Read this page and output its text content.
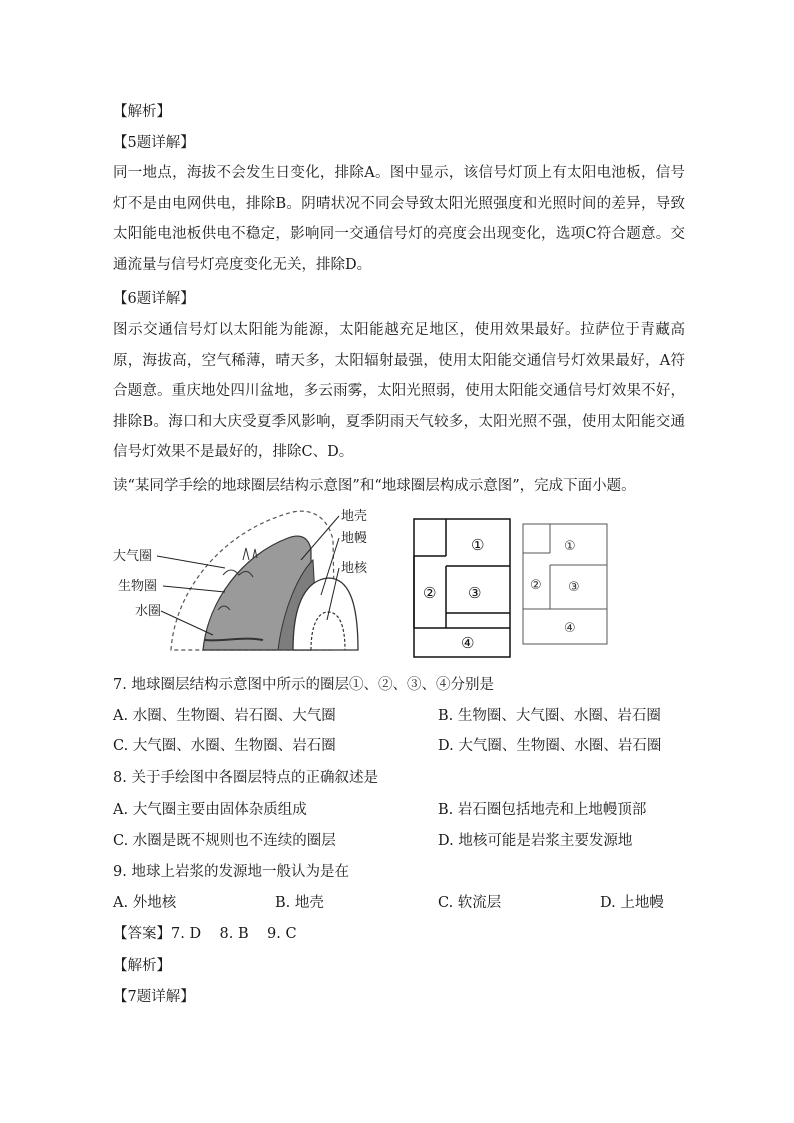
【解析】
【5题详解】
同一地点，海拔不会发生日变化，排除A。图中显示，该信号灯顶上有太阳电池板，信号灯不是由电网供电，排除B。阴晴状况不同会导致太阳光照强度和光照时间的差异，导致太阳能电池板供电不稳定，影响同一交通信号灯的亮度会出现变化，选项C符合题意。交通流量与信号灯亮度变化无关，排除D。
【6题详解】
图示交通信号灯以太阳能为能源，太阳能越充足地区，使用效果最好。拉萨位于青藏高原，海拔高，空气稀薄，晴天多，太阳辐射最强，使用太阳能交通信号灯效果最好，A符合题意。重庆地处四川盆地，多云雨雾，太阳光照弱，使用太阳能交通信号灯效果不好，排除B。海口和大庆受夏季风影响，夏季阴雨天气较多，太阳光照不强，使用太阳能交通信号灯效果不是最好的，排除C、D。
读“某同学手绘的地球圈层结构示意图”和“地球圈层构成示意图”，完成下面小题。
大气圈
生物圈
水圈
地壳
地幔
地核
①
② ③
④
①
② ③
④
7. 地球圈层结构示意图中所示的圈层①、②、③、④分别是
A. 水圈、生物圈、岩石圈、大气圈	B. 生物圈、大气圈、水圈、岩石圈
C. 大气圈、水圈、生物圈、岩石圈	D. 大气圈、生物圈、水圈、岩石圈
8. 关于手绘图中各圈层特点的正确叙述是
A. 大气圈主要由固体杂质组成	B. 岩石圈包括地壳和上地幔顶部
C. 水圈是既不规则也不连续的圈层	D. 地核可能是岩浆主要发源地
9. 地球上岩浆的发源地一般认为是在
A. 外地核	B. 地壳	C. 软流层	D. 上地幔
【答案】7. D    8. B    9. C
【解析】
【7题详解】
